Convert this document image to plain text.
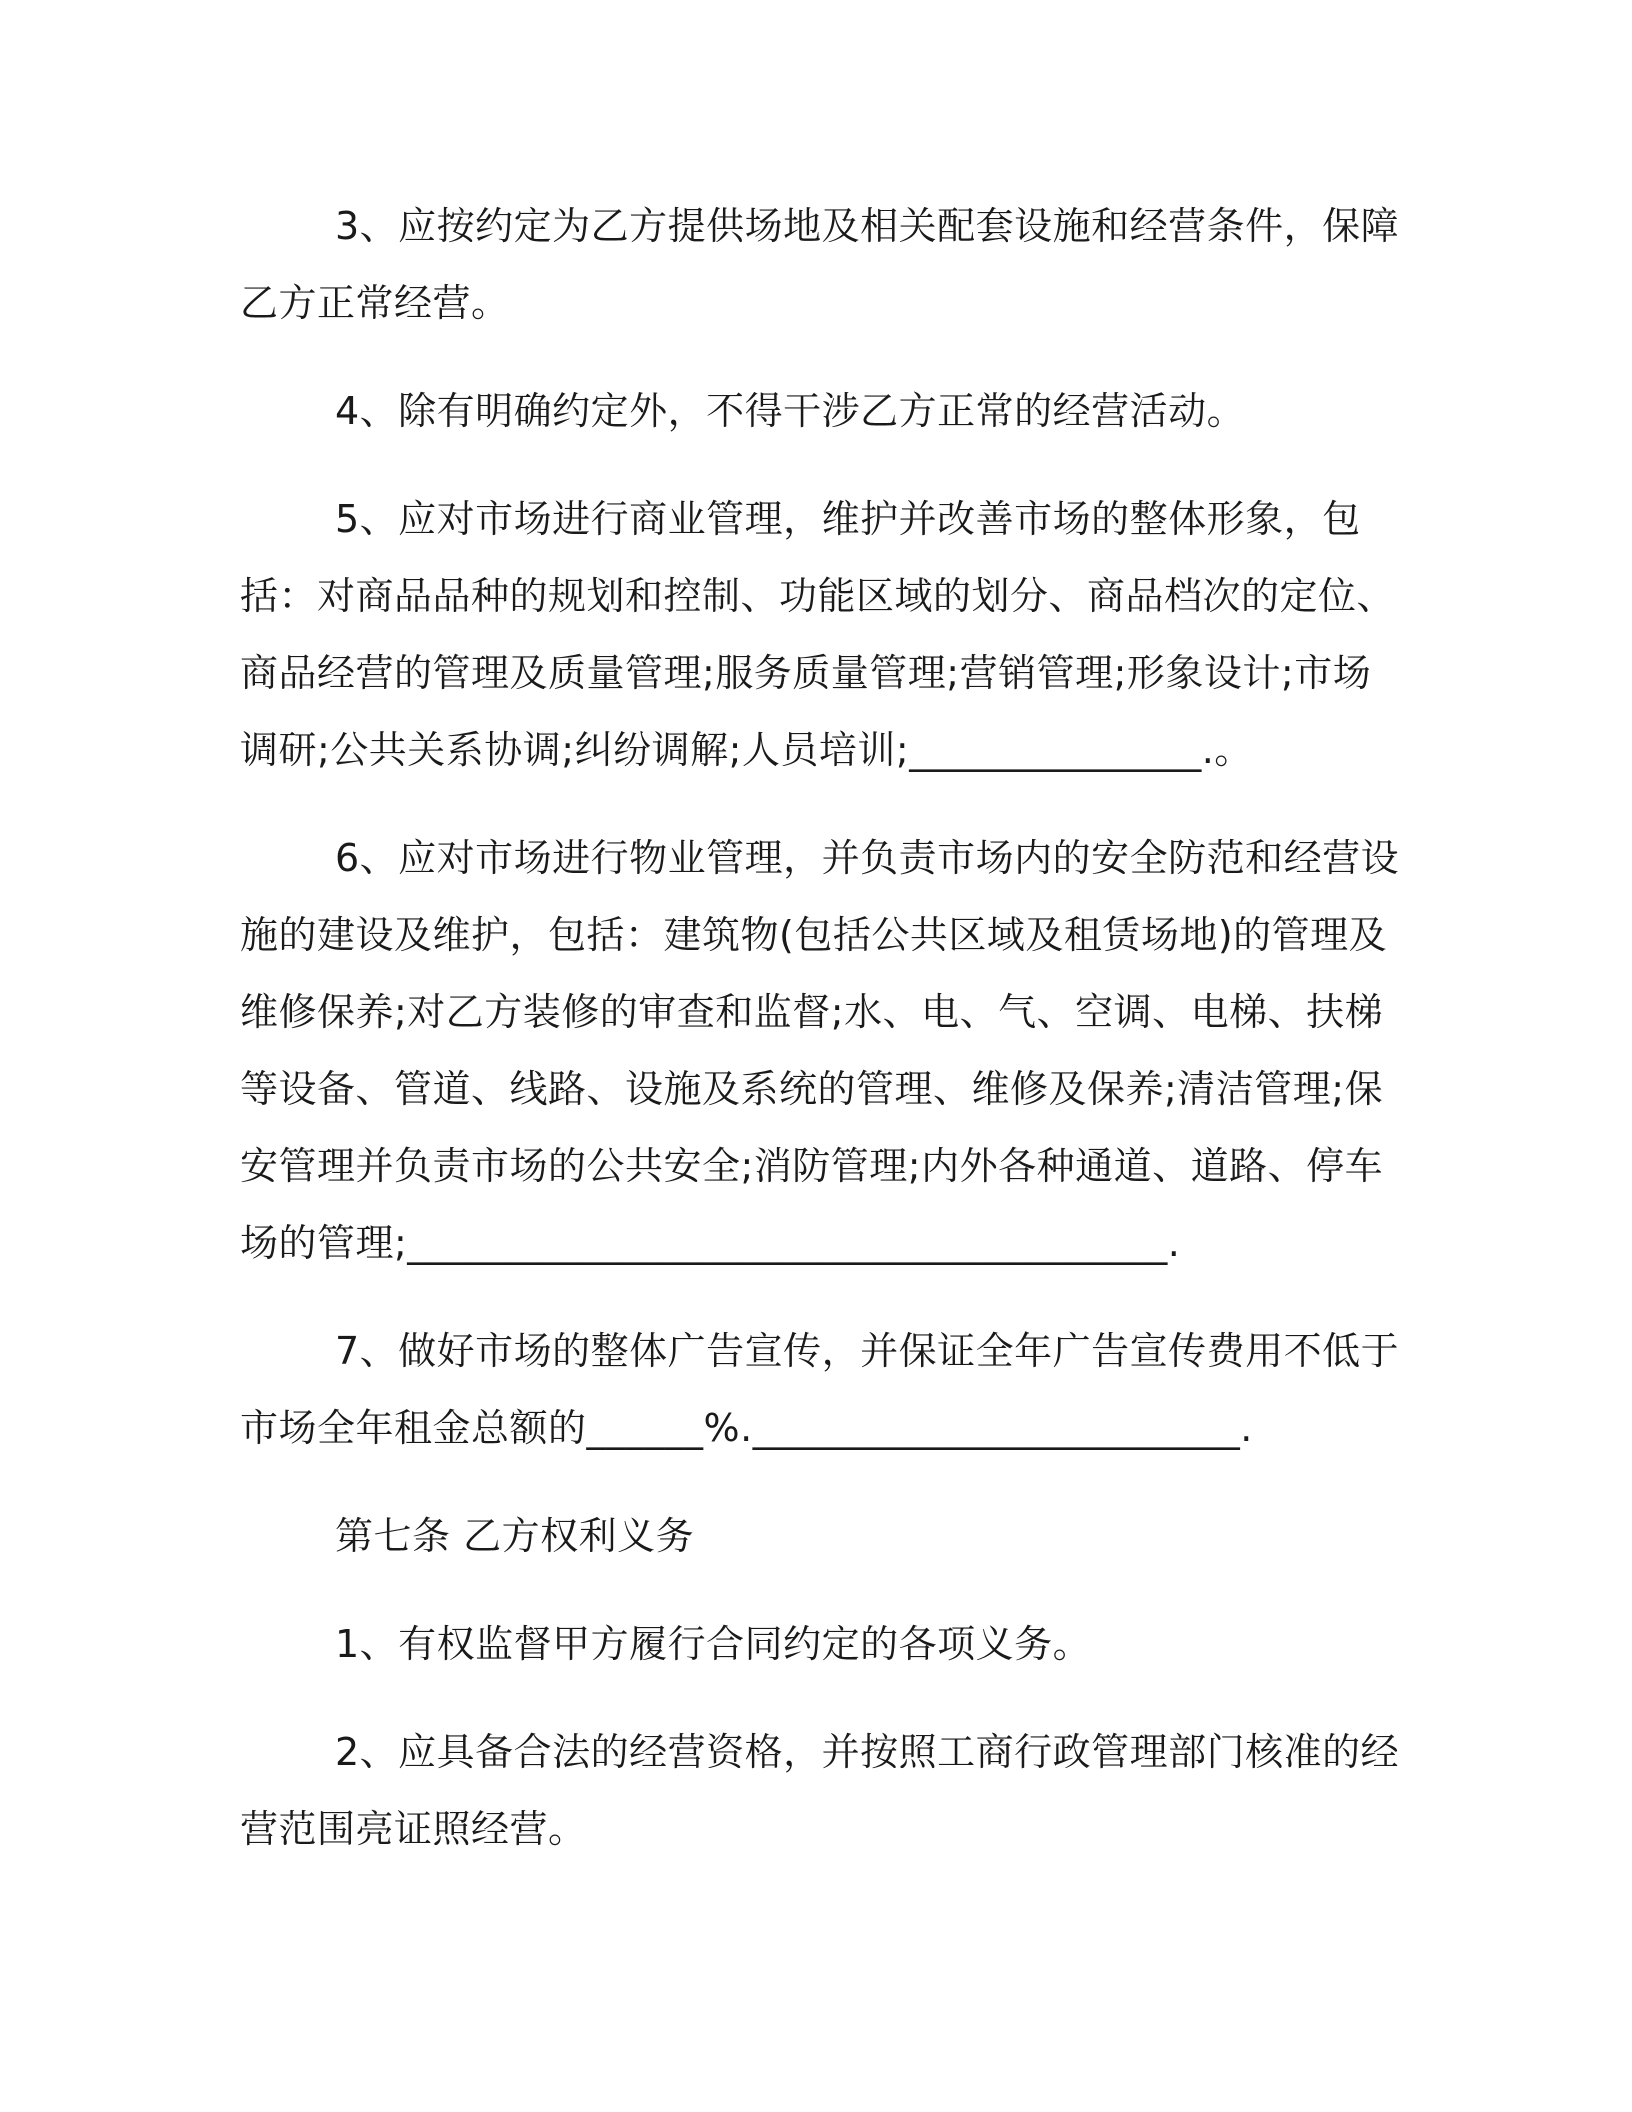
3、应按约定为乙方提供场地及相关配套设施和经营条件，保障乙方正常经营。

4、除有明确约定外，不得干涉乙方正常的经营活动。

5、应对市场进行商业管理，维护并改善市场的整体形象，包括：对商品品种的规划和控制、功能区域的划分、商品档次的定位、商品经营的管理及质量管理;服务质量管理;营销管理;形象设计;市场调研;公共关系协调;纠纷调解;人员培训;_______________.。

6、应对市场进行物业管理，并负责市场内的安全防范和经营设施的建设及维护，包括：建筑物(包括公共区域及租赁场地)的管理及维修保养;对乙方装修的审查和监督;水、电、气、空调、电梯、扶梯等设备、管道、线路、设施及系统的管理、维修及保养;清洁管理;保安管理并负责市场的公共安全;消防管理;内外各种通道、道路、停车场的管理;_______________________________________.

7、做好市场的整体广告宣传，并保证全年广告宣传费用不低于市场全年租金总额的______%._________________________.

第七条 乙方权利义务

1、有权监督甲方履行合同约定的各项义务。

2、应具备合法的经营资格，并按照工商行政管理部门核准的经营范围亮证照经营。
